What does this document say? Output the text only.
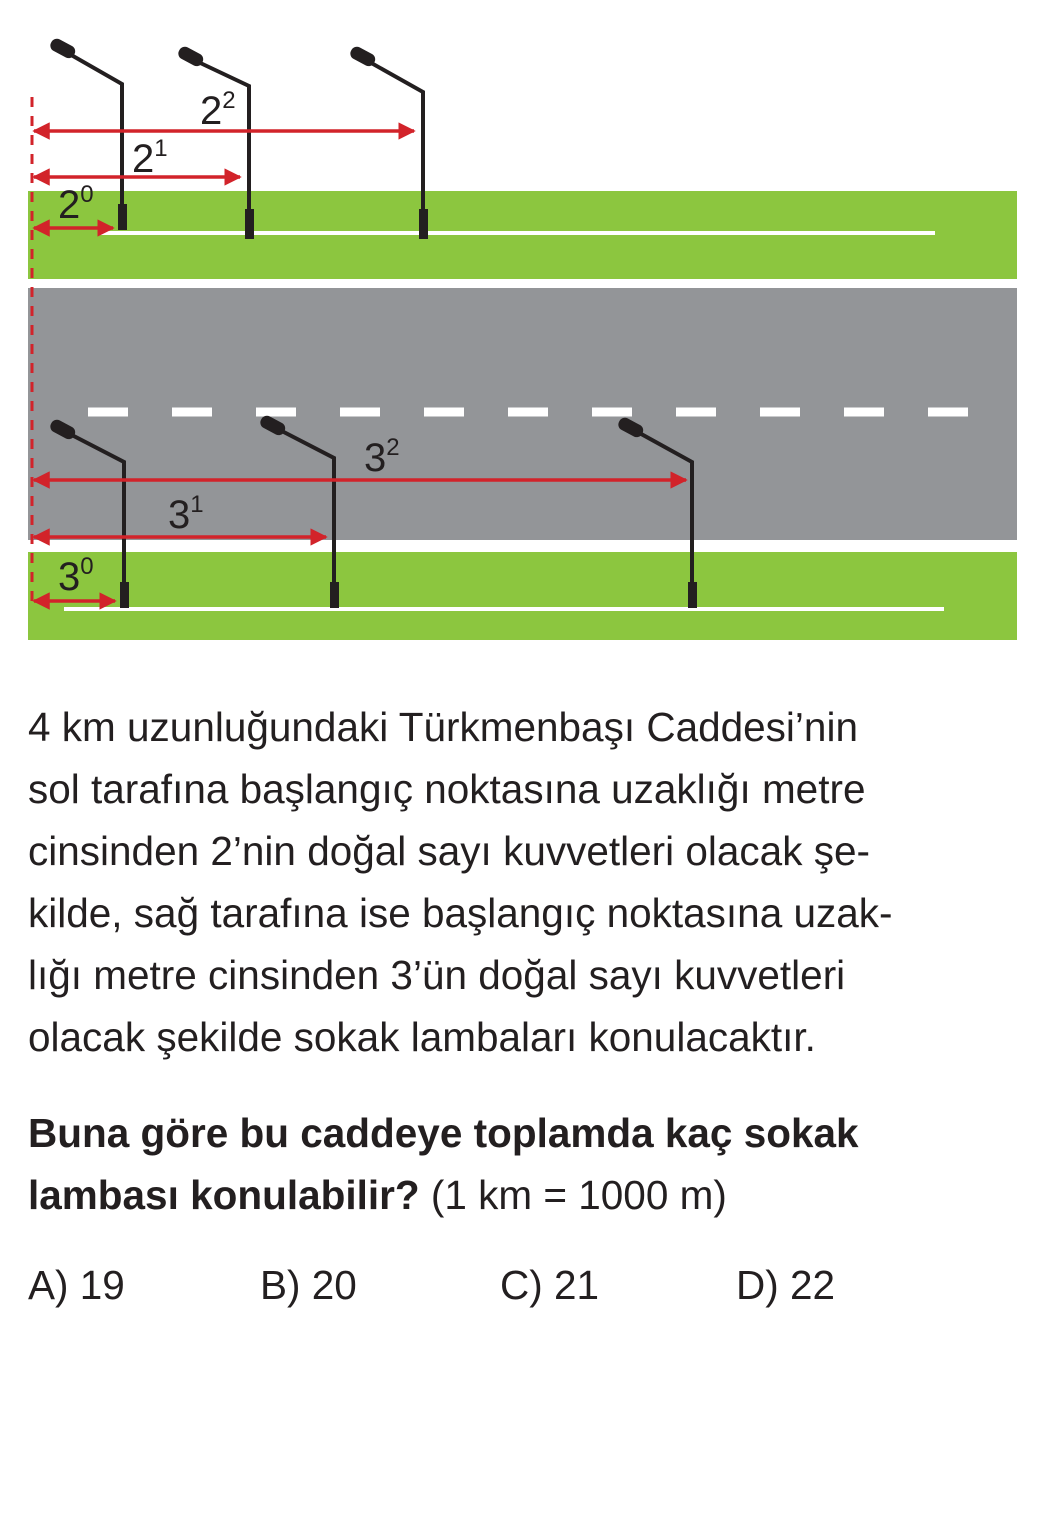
$2^2$
$2^1$
$2^0$
$3^2$
$3^1$
$3^0$

4 km uzunluğundaki Türkmenbaşı Caddesi’nin

sol tarafına başlangıç noktasına uzaklığı metre

cinsinden 2’nin doğal sayı kuvvetleri olacak şe-

kilde, sağ tarafına ise başlangıç noktasına uzak-

lığı metre cinsinden 3’ün doğal sayı kuvvetleri

olacak şekilde sokak lambaları konulacaktır.

Buna göre bu caddeye toplamda kaç sokak

lambası konulabilir? (1 km = 1000 m)

A) 19	B) 20	C) 21	D) 22
